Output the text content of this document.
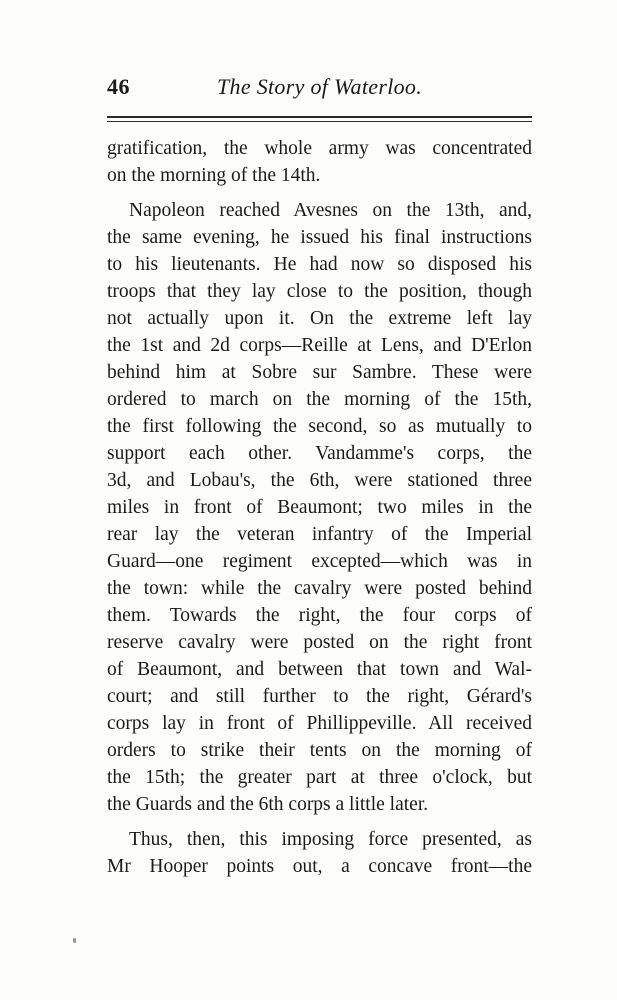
46	The Story of Waterloo.
gratification, the whole army was concentrated
on the morning of the 14th.
Napoleon reached Avesnes on the 13th, and,
the same evening, he issued his final instructions
to his lieutenants. He had now so disposed his
troops that they lay close to the position, though
not actually upon it. On the extreme left lay
the 1st and 2d corps—Reille at Lens, and D'Erlon
behind him at Sobre sur Sambre. These were
ordered to march on the morning of the 15th,
the first following the second, so as mutually to
support each other. Vandamme's corps, the
3d, and Lobau's, the 6th, were stationed three
miles in front of Beaumont; two miles in the
rear lay the veteran infantry of the Imperial
Guard—one regiment excepted—which was in
the town: while the cavalry were posted behind
them. Towards the right, the four corps of
reserve cavalry were posted on the right front
of Beaumont, and between that town and Wal-
court; and still further to the right, Gérard's
corps lay in front of Phillippeville. All received
orders to strike their tents on the morning of
the 15th; the greater part at three o'clock, but
the Guards and the 6th corps a little later.
Thus, then, this imposing force presented, as
Mr Hooper points out, a concave front—the
